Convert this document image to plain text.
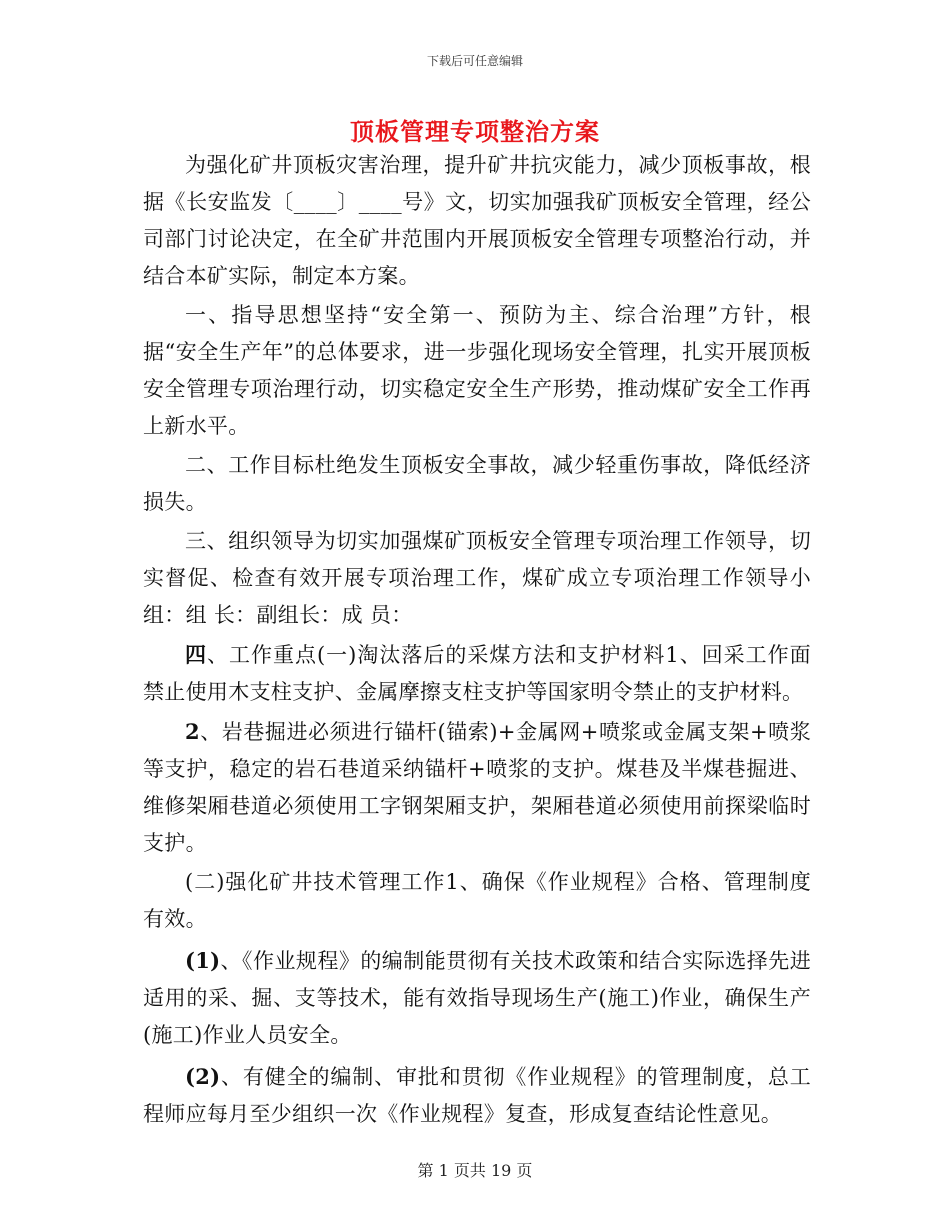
下载后可任意编辑
顶板管理专项整治方案

为强化矿井顶板灾害治理，提升矿井抗灾能力，减少顶板事故，根据《长安监发〔____〕____号》文，切实加强我矿顶板安全管理，经公司部门讨论决定，在全矿井范围内开展顶板安全管理专项整治行动，并结合本矿实际，制定本方案。

一、指导思想坚持“安全第一、预防为主、综合治理”方针，根据“安全生产年”的总体要求，进一步强化现场安全管理，扎实开展顶板安全管理专项治理行动，切实稳定安全生产形势，推动煤矿安全工作再上新水平。

二、工作目标杜绝发生顶板安全事故，减少轻重伤事故，降低经济损失。

三、组织领导为切实加强煤矿顶板安全管理专项治理工作领导，切实督促、检查有效开展专项治理工作，煤矿成立专项治理工作领导小组：组 长：副组长：成 员：

四、工作重点(一)淘汰落后的采煤方法和支护材料1、回采工作面禁止使用木支柱支护、金属摩擦支柱支护等国家明令禁止的支护材料。

2、岩巷掘进必须进行锚杆(锚索)+金属网+喷浆或金属支架+喷浆等支护，稳定的岩石巷道采纳锚杆+喷浆的支护。煤巷及半煤巷掘进、维修架厢巷道必须使用工字钢架厢支护，架厢巷道必须使用前探梁临时支护。

(二)强化矿井技术管理工作1、确保《作业规程》合格、管理制度有效。

(1)、《作业规程》的编制能贯彻有关技术政策和结合实际选择先进适用的采、掘、支等技术，能有效指导现场生产(施工)作业，确保生产(施工)作业人员安全。

(2)、有健全的编制、审批和贯彻《作业规程》的管理制度，总工程师应每月至少组织一次《作业规程》复查，形成复查结论性意见。

第 1 页共 19 页
